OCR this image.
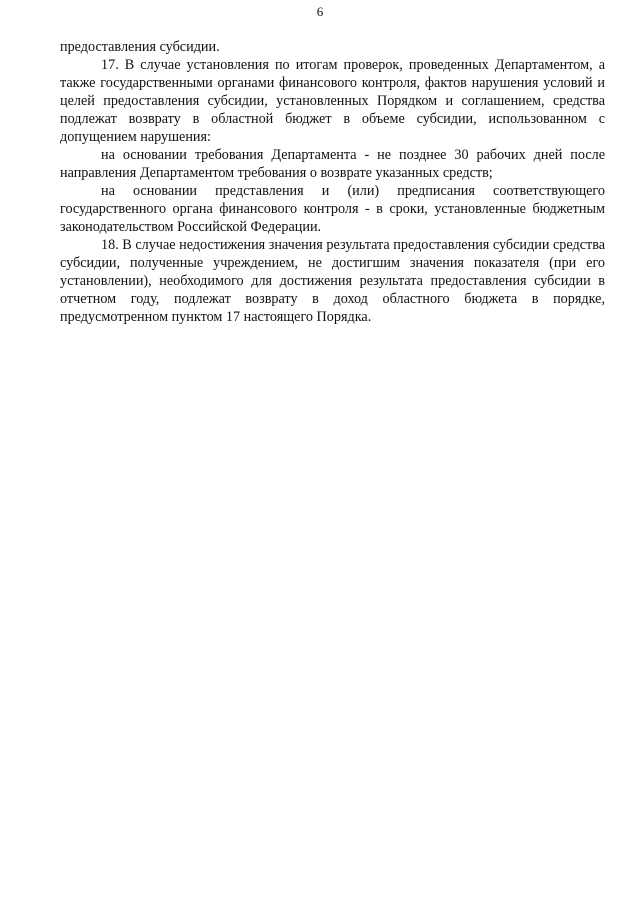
6

предоставления субсидии.

17. В случае установления по итогам проверок, проведенных Департаментом, а также государственными органами финансового контроля, фактов нарушения условий и целей предоставления субсидии, установленных Порядком и соглашением, средства подлежат возврату в областной бюджет в объеме субсидии, использованном с допущением нарушения:

на основании требования Департамента - не позднее 30 рабочих дней после направления Департаментом требования о возврате указанных средств;

на основании представления и (или) предписания соответствующего государственного органа финансового контроля - в сроки, установленные бюджетным законодательством Российской Федерации.

18. В случае недостижения значения результата предоставления субсидии средства субсидии, полученные учреждением, не достигшим значения показателя (при его установлении), необходимого для достижения результата предоставления субсидии в отчетном году, подлежат возврату в доход областного бюджета в порядке, предусмотренном пунктом 17 настоящего Порядка.
